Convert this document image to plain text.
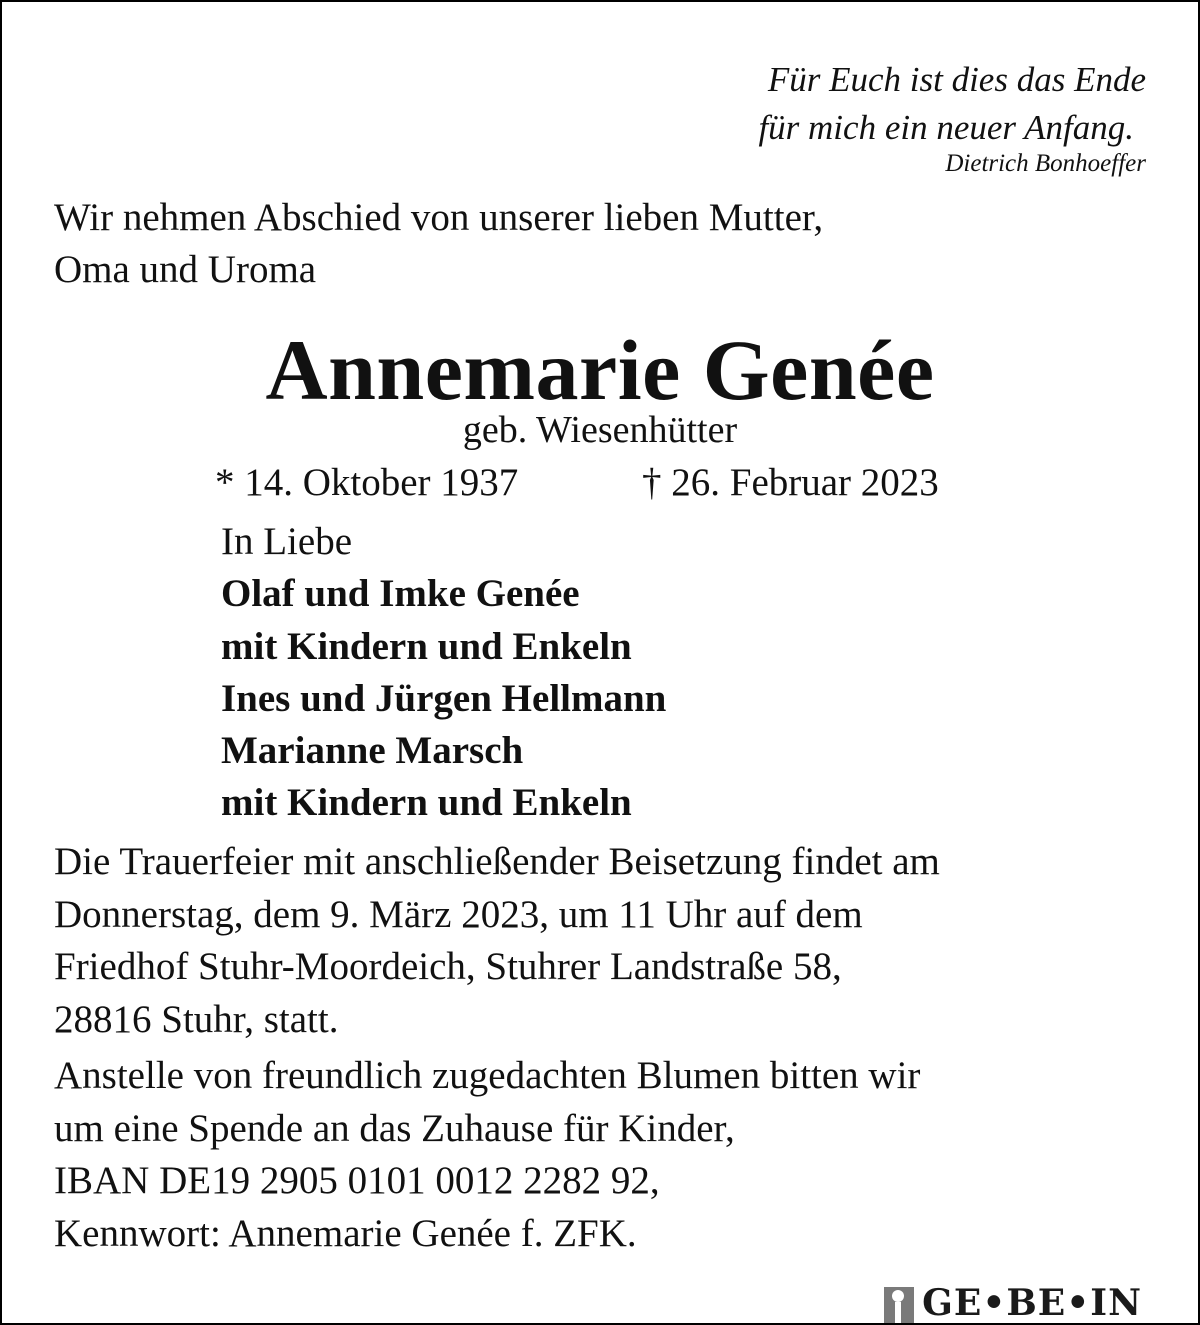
Für Euch ist dies das Ende
für mich ein neuer Anfang.
Dietrich Bonhoeffer
Wir nehmen Abschied von unserer lieben Mutter,
Oma und Uroma
Annemarie Genée
geb. Wiesenhütter
* 14. Oktober 1937	† 26. Februar 2023
In Liebe
Olaf und Imke Genée
mit Kindern und Enkeln
Ines und Jürgen Hellmann
Marianne Marsch
mit Kindern und Enkeln
Die Trauerfeier mit anschließender Beisetzung findet am
Donnerstag, dem 9. März 2023, um 11 Uhr auf dem
Friedhof Stuhr-Moordeich, Stuhrer Landstraße 58,
28816 Stuhr, statt.
Anstelle von freundlich zugedachten Blumen bitten wir
um eine Spende an das Zuhause für Kinder,
IBAN DE19 2905 0101 0012 2282 92,
Kennwort: Annemarie Genée f. ZFK.
GE•BE•IN
